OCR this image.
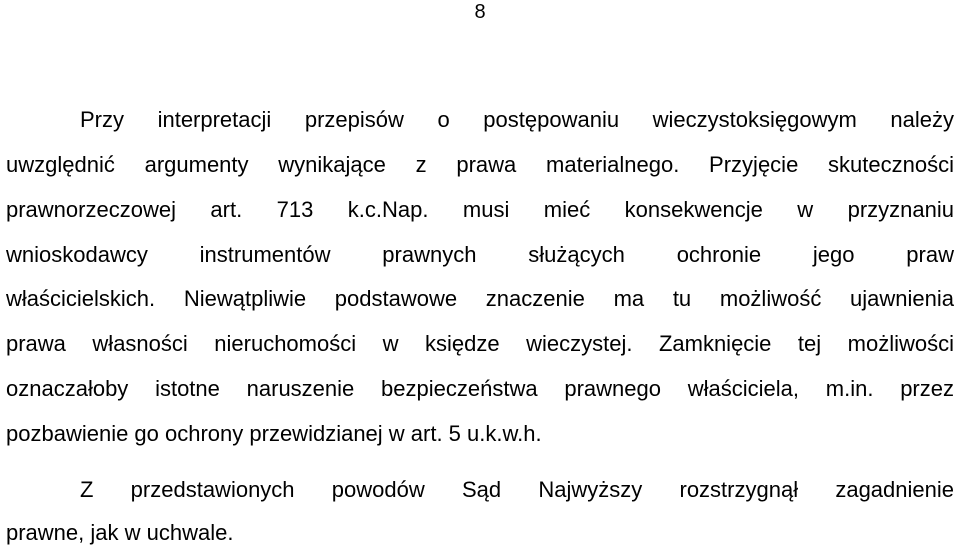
8
Przy interpretacji przepisów o postępowaniu wieczystoksięgowym należy
uwzględnić argumenty wynikające z prawa materialnego. Przyjęcie skuteczności
prawnorzeczowej art. 713 k.c.Nap. musi mieć konsekwencje w przyznaniu
wnioskodawcy instrumentów prawnych służących ochronie jego praw
właścicielskich. Niewątpliwie podstawowe znaczenie ma tu możliwość ujawnienia
prawa własności nieruchomości w księdze wieczystej. Zamknięcie tej możliwości
oznaczałoby istotne naruszenie bezpieczeństwa prawnego właściciela, m.in. przez
pozbawienie go ochrony przewidzianej w art. 5 u.k.w.h.
Z przedstawionych powodów Sąd Najwyższy rozstrzygnął zagadnienie
prawne, jak w uchwale.
